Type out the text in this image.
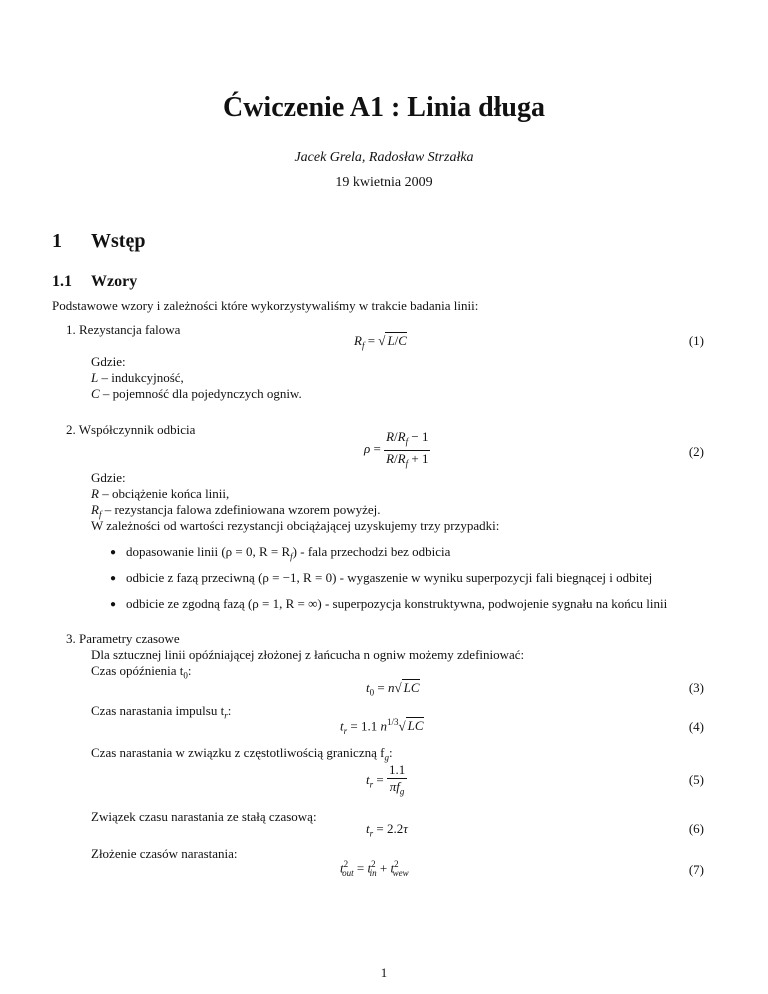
Ćwiczenie A1 : Linia długa
Jacek Grela, Radosław Strzałka
19 kwietnia 2009
1 Wstęp
1.1 Wzory
Podstawowe wzory i zależności które wykorzystywaliśmy w trakcie badania linii:
1. Rezystancja falowa
$R_f$ = √ L/C	(1)
Gdzie:
L – indukcyjność,
C – pojemność dla pojedynczych ogniw.
2. Współczynnik odbicia
$\rho = \frac{R/R_f - 1}{R/R_f + 1}$	(2)
Gdzie:
R – obciążenie końca linii,
$R_f$ – rezystancja falowa zdefiniowana wzorem powyżej.
W zależności od wartości rezystancji obciążającej uzyskujemy trzy przypadki:
● dopasowanie linii (ρ = 0, $R = R_f$) - fala przechodzi bez odbicia
● odbicie z fazą przeciwną (ρ = −1, R = 0) - wygaszenie w wyniku superpozycji fali biegnącej i odbitej
● odbicie ze zgodną fazą (ρ = 1, R = ∞) - superpozycja konstruktywna, podwojenie sygnału na końcu linii
3. Parametry czasowe
Dla sztucznej linii opóźniającej złożonej z łańcucha n ogniw możemy zdefiniować:
Czas opóźnienia $t_0$:
$t_0 = n√$ LC	(3)
Czas narastania impulsu $t_r$:
$t_r = 1.1$ $n^{1/3}√$ LC	(4)
Czas narastania w związku z częstotliwością graniczną $f_g$:
$t_r = \frac{1.1}{\pi f_g}$	(5)
Związek czasu narastania ze stałą czasową:
$t_r = 2.2\tau$	(6)
Złożenie czasów narastania:
$t^2_{out} = t^2_{in} + t^2_{wew}$	(7)
1
